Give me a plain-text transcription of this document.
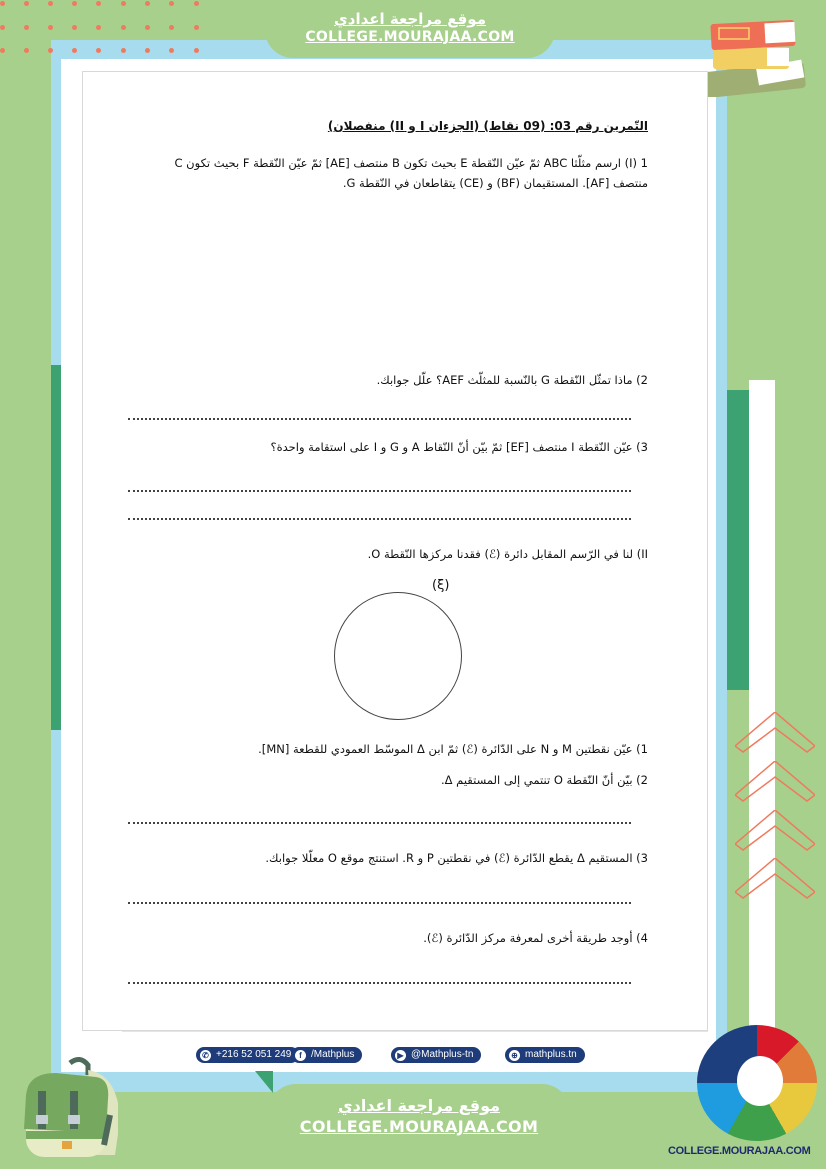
موقع مراجعة اعدادي
COLLEGE.MOURAJAA.COM
التّمرين رقم 03: (09 نقاط) (الجزءان I و II) منفصلان)
I) 1) ارسم مثلّثا ABC ثمّ عيّن النّقطة E بحيث تكون B منتصف [AE] ثمّ عيّن النّقطة F بحيث تكون C
منتصف [AF]. المستقيمان (BF) و (CE) يتقاطعان في النّقطة G.
2) ماذا تمثّل النّقطة G بالنّسبة للمثلّث AEF؟ علّل جوابك.
3) عيّن النّقطة I منتصف [EF] ثمّ بيّن أنّ النّقاط A و G و I على استقامة واحدة؟
II) لنا في الرّسم المقابل دائرة (ℰ) فقدنا مركزها النّقطة O.
(ξ)
1) عيّن نقطتين M و N على الدّائرة (ℰ) ثمّ ابن Δ الموسّط العمودي للقطعة [MN].
2) بيّن أنّ النّقطة O تنتمي إلى المستقيم Δ.
3) المستقيم Δ يقطع الدّائرة (ℰ) في نقطتين P و R. استنتج موقع O معلّلا جوابك.
4) أوجد طريقة أخرى لمعرفة مركز الدّائرة (ℰ).
✆ +216 52 051 249 f /Mathplus	▶ @Mathplus-tn	⊕ mathplus.tn
موقع مراجعة اعدادي
COLLEGE.MOURAJAA.COM
COLLEGE.MOURAJAA.COM
